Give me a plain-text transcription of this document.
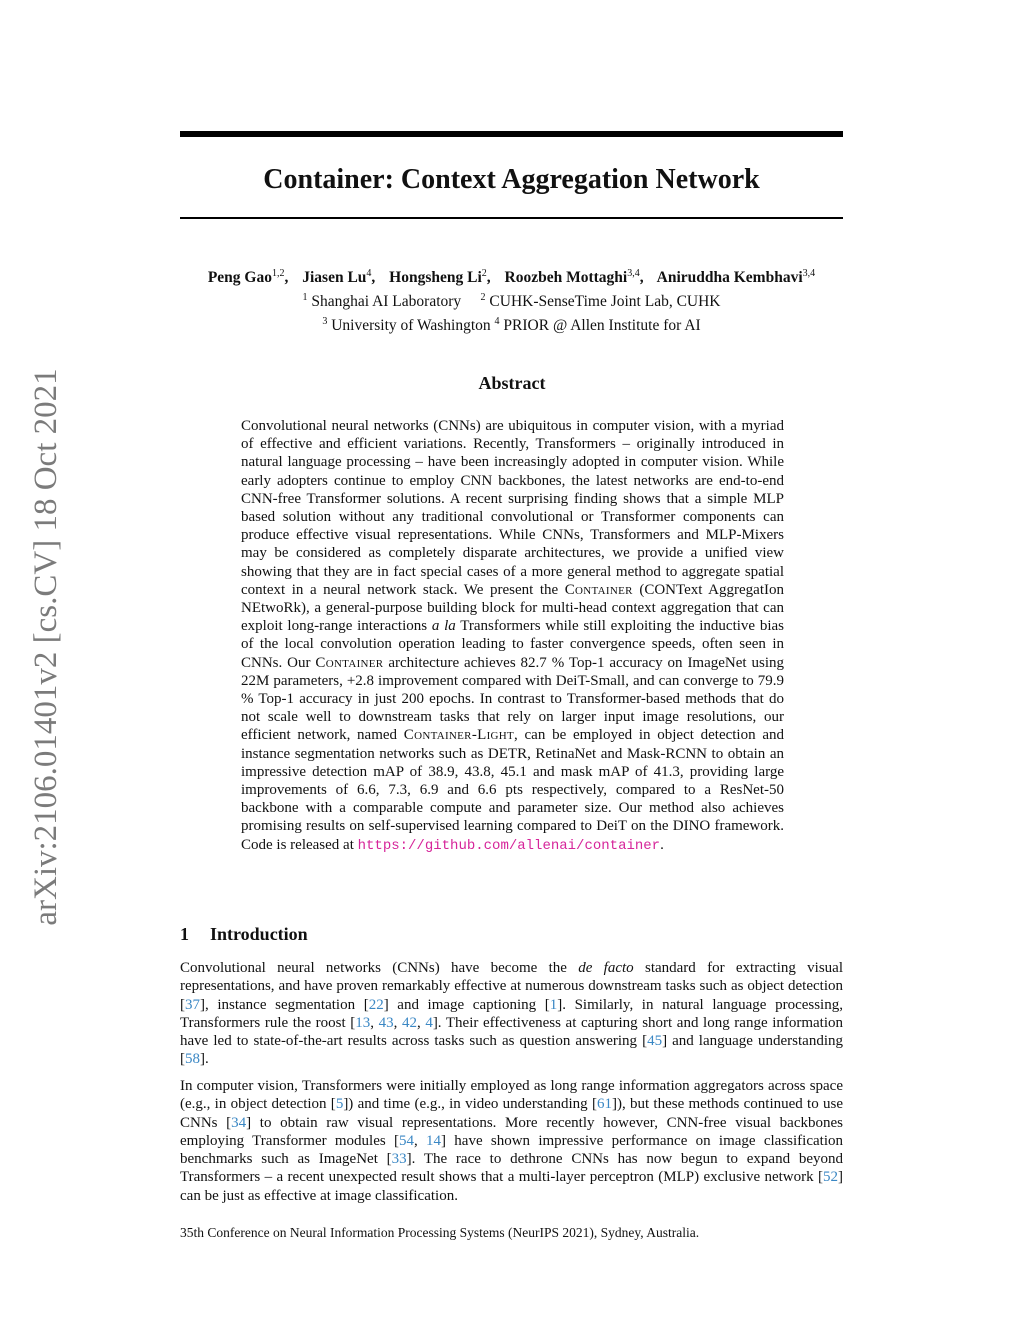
arXiv:2106.01401v2 [cs.CV] 18 Oct 2021
Container: Context Aggregation Network
Peng Gao$^{1,2}$, Jiasen Lu$^4$, Hongsheng Li$^2$, Roozbeh Mottaghi$^{3,4}$, Aniruddha Kembhavi$^{3,4}$
$^1$ Shanghai AI Laboratory $^2$ CUHK-SenseTime Joint Lab, CUHK
$^3$ University of Washington $^4$ PRIOR @ Allen Institute for AI
Abstract

Convolutional neural networks (CNNs) are ubiquitous in computer vision, with a myriad of effective and efficient variations. Recently, Transformers – originally introduced in natural language processing – have been increasingly adopted in computer vision. While early adopters continue to employ CNN backbones, the latest networks are end-to-end CNN-free Transformer solutions. A recent surprising finding shows that a simple MLP based solution without any traditional convolutional or Transformer components can produce effective visual representations. While CNNs, Transformers and MLP-Mixers may be considered as completely disparate architectures, we provide a unified view showing that they are in fact special cases of a more general method to aggregate spatial context in a neural network stack. We present the Container (CONText AggregatIon NEtwoRk), a general-purpose building block for multi-head context aggregation that can exploit long-range interactions a la Transformers while still exploiting the inductive bias of the local convolution operation leading to faster convergence speeds, often seen in CNNs. Our Container architecture achieves 82.7 % Top-1 accuracy on ImageNet using 22M parameters, +2.8 improvement compared with DeiT-Small, and can converge to 79.9 % Top-1 accuracy in just 200 epochs. In contrast to Transformer-based methods that do not scale well to downstream tasks that rely on larger input image resolutions, our efficient network, named Container-Light, can be employed in object detection and instance segmentation networks such as DETR, RetinaNet and Mask-RCNN to obtain an impressive detection mAP of 38.9, 43.8, 45.1 and mask mAP of 41.3, providing large improvements of 6.6, 7.3, 6.9 and 6.6 pts respectively, compared to a ResNet-50 backbone with a comparable compute and parameter size. Our method also achieves promising results on self-supervised learning compared to DeiT on the DINO framework. Code is released at https://github.com/allenai/container.

1 Introduction

Convolutional neural networks (CNNs) have become the de facto standard for extracting visual representations, and have proven remarkably effective at numerous downstream tasks such as object detection [37], instance segmentation [22] and image captioning [1]. Similarly, in natural language processing, Transformers rule the roost [13, 43, 42, 4]. Their effectiveness at capturing short and long range information have led to state-of-the-art results across tasks such as question answering [45] and language understanding [58].

In computer vision, Transformers were initially employed as long range information aggregators across space (e.g., in object detection [5]) and time (e.g., in video understanding [61]), but these methods continued to use CNNs [34] to obtain raw visual representations. More recently however, CNN-free visual backbones employing Transformer modules [54, 14] have shown impressive performance on image classification benchmarks such as ImageNet [33]. The race to dethrone CNNs has now begun to expand beyond Transformers – a recent unexpected result shows that a multi-layer perceptron (MLP) exclusive network [52] can be just as effective at image classification.

35th Conference on Neural Information Processing Systems (NeurIPS 2021), Sydney, Australia.
